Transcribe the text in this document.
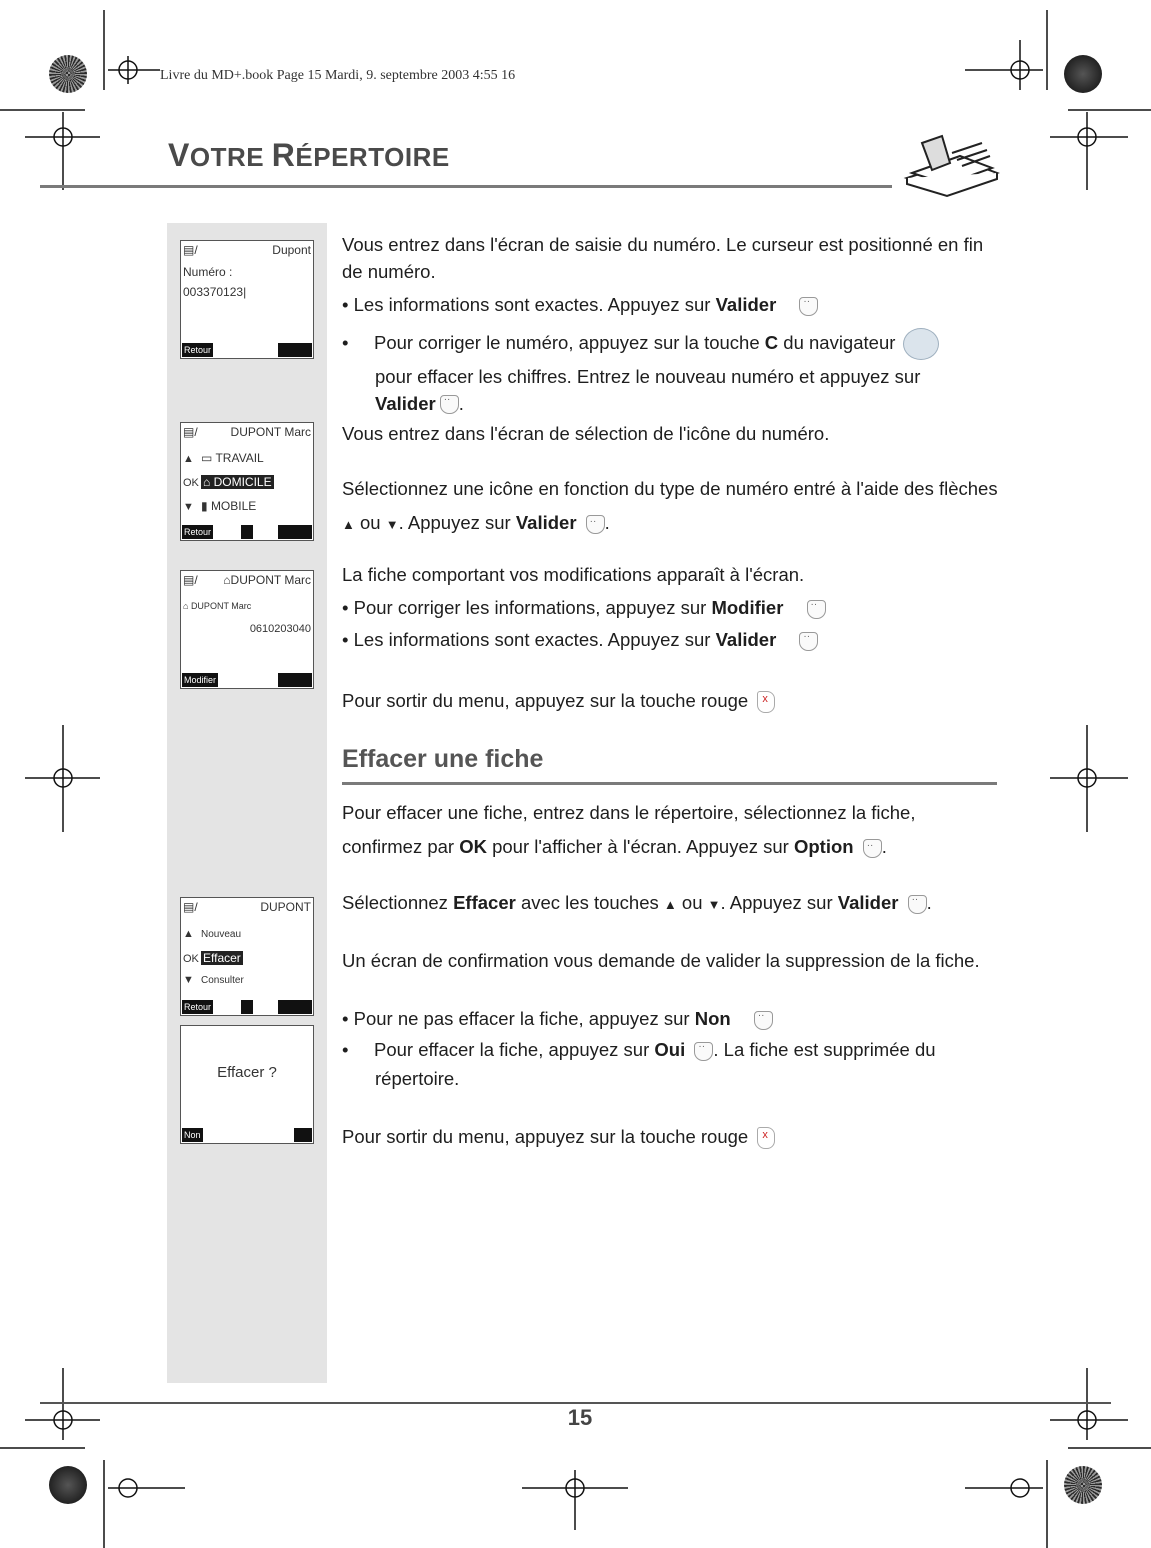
Livre du MD+.book Page 15 Mardi, 9. septembre 2003 4:55 16
VOTRE RÉPERTOIRE
▤/	Dupont
Numéro :
003370123|
Retour
▤/	DUPONT Marc
▲ ▭ TRAVAIL
OK ⌂ DOMICILE
▼ ▮ MOBILE
Retour
▤/ ⌂DUPONT Marc
⌂ DUPONT Marc
0610203040
Modifier
▤/	DUPONT
▲ Nouveau
OK Effacer
▼ Consulter
Retour
Effacer ?
Non

Vous entrez dans l'écran de saisie du numéro. Le curseur est positionné en fin de numéro.

• Les informations sont exactes. Appuyez sur Valider ··
• Pour corriger le numéro, appuyez sur la touche C du navigateur
pour effacer les chiffres. Entrez le nouveau numéro et appuyez sur
Valider ·· .

Vous entrez dans l'écran de sélection de l'icône du numéro.

Sélectionnez une icône en fonction du type de numéro entré à l'aide des flèches ▲ ou ▼. Appuyez sur Valider ·· .

La fiche comportant vos modifications apparaît à l'écran.

• Pour corriger les informations, appuyez sur Modifier ··
• Les informations sont exactes. Appuyez sur Valider ··
Pour sortir du menu, appuyez sur la touche rouge x
Effacer une fiche
Pour effacer une fiche, entrez dans le répertoire, sélectionnez la fiche, confirmez par OK pour l'afficher à l'écran. Appuyez sur Option ·· .
Sélectionnez Effacer avec les touches ▲ ou ▼. Appuyez sur Valider ·· .

Un écran de confirmation vous demande de valider la suppression de la fiche.

• Pour ne pas effacer la fiche, appuyez sur Non ··
• Pour effacer la fiche, appuyez sur Oui ·· . La fiche est supprimée du
répertoire.
Pour sortir du menu, appuyez sur la touche rouge x
15
